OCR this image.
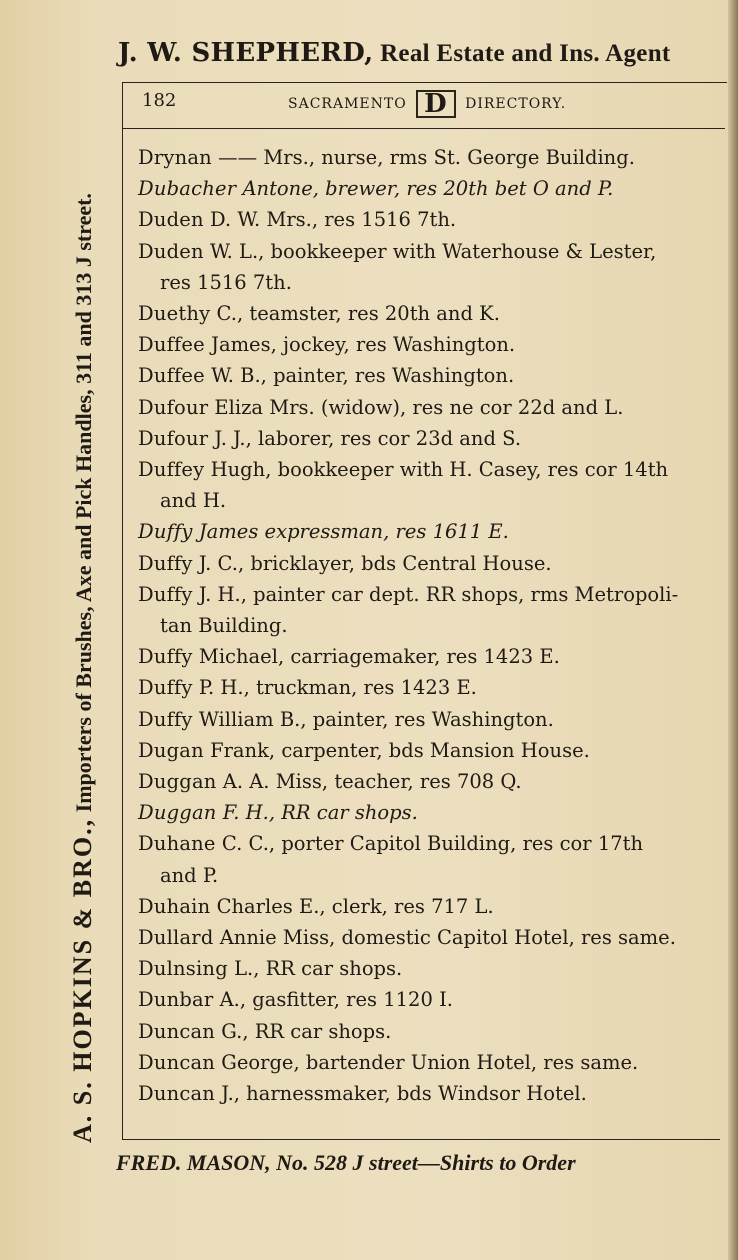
J. W. SHEPHERD, Real Estate and Ins. Agent
A. S. HOPKINS & BRO., Importers of Brushes, Axe and Pick Handles, 311 and 313 J street.
182	SACRAMENTO D DIRECTORY.
Drynan —— Mrs., nurse, rms St. George Building.
Dubacher Antone, brewer, res 20th bet O and P.
Duden D. W. Mrs., res 1516 7th.
Duden W. L., bookkeeper with Waterhouse & Lester,
res 1516 7th.
Duethy C., teamster, res 20th and K.
Duffee James, jockey, res Washington.
Duffee W. B., painter, res Washington.
Dufour Eliza Mrs. (widow), res ne cor 22d and L.
Dufour J. J., laborer, res cor 23d and S.
Duffey Hugh, bookkeeper with H. Casey, res cor 14th
and H.
Duffy James expressman, res 1611 E.
Duffy J. C., bricklayer, bds Central House.
Duffy J. H., painter car dept. RR shops, rms Metropoli-
tan Building.
Duffy Michael, carriagemaker, res 1423 E.
Duffy P. H., truckman, res 1423 E.
Duffy William B., painter, res Washington.
Dugan Frank, carpenter, bds Mansion House.
Duggan A. A. Miss, teacher, res 708 Q.
Duggan F. H., RR car shops.
Duhane C. C., porter Capitol Building, res cor 17th
and P.
Duhain Charles E., clerk, res 717 L.
Dullard Annie Miss, domestic Capitol Hotel, res same.
Dulnsing L., RR car shops.
Dunbar A., gasfitter, res 1120 I.
Duncan G., RR car shops.
Duncan George, bartender Union Hotel, res same.
Duncan J., harnessmaker, bds Windsor Hotel.
FRED. MASON, No. 528 J street—Shirts to Order
